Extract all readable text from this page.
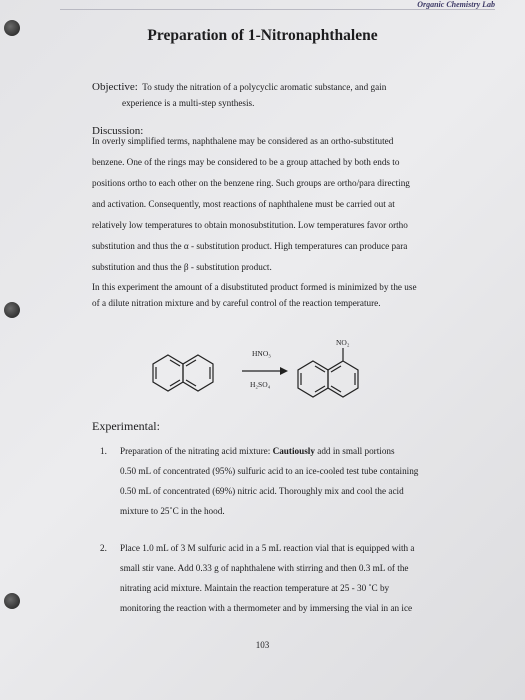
Organic Chemistry Lab
Preparation of 1-Nitronaphthalene
Objective: To study the nitration of a polycyclic aromatic substance, and gain
experience is a multi-step synthesis.
Discussion:
In overly simplified terms, naphthalene may be considered as an ortho-substituted
benzene. One of the rings may be considered to be a group attached by both ends to
positions ortho to each other on the benzene ring. Such groups are ortho/para directing
and activation. Consequently, most reactions of naphthalene must be carried out at
relatively low temperatures to obtain monosubstitution. Low temperatures favor ortho
substitution and thus the α - substitution product. High temperatures can produce para
substitution and thus the β - substitution product.
In this experiment the amount of a disubstituted product formed is minimized by the use
of a dilute nitration mixture and by careful control of the reaction temperature.
HNO₃
H₂SO₄
NO₂
Experimental:
1. Preparation of the nitrating acid mixture: Cautiously add in small portions
0.50 mL of concentrated (95%) sulfuric acid to an ice-cooled test tube containing
0.50 mL of concentrated (69%) nitric acid. Thoroughly mix and cool the acid
mixture to 25˚C in the hood.
2. Place 1.0 mL of 3 M sulfuric acid in a 5 mL reaction vial that is equipped with a
small stir vane. Add 0.33 g of naphthalene with stirring and then 0.3 mL of the
nitrating acid mixture. Maintain the reaction temperature at 25 - 30 ˚C by
monitoring the reaction with a thermometer and by immersing the vial in an ice
103
